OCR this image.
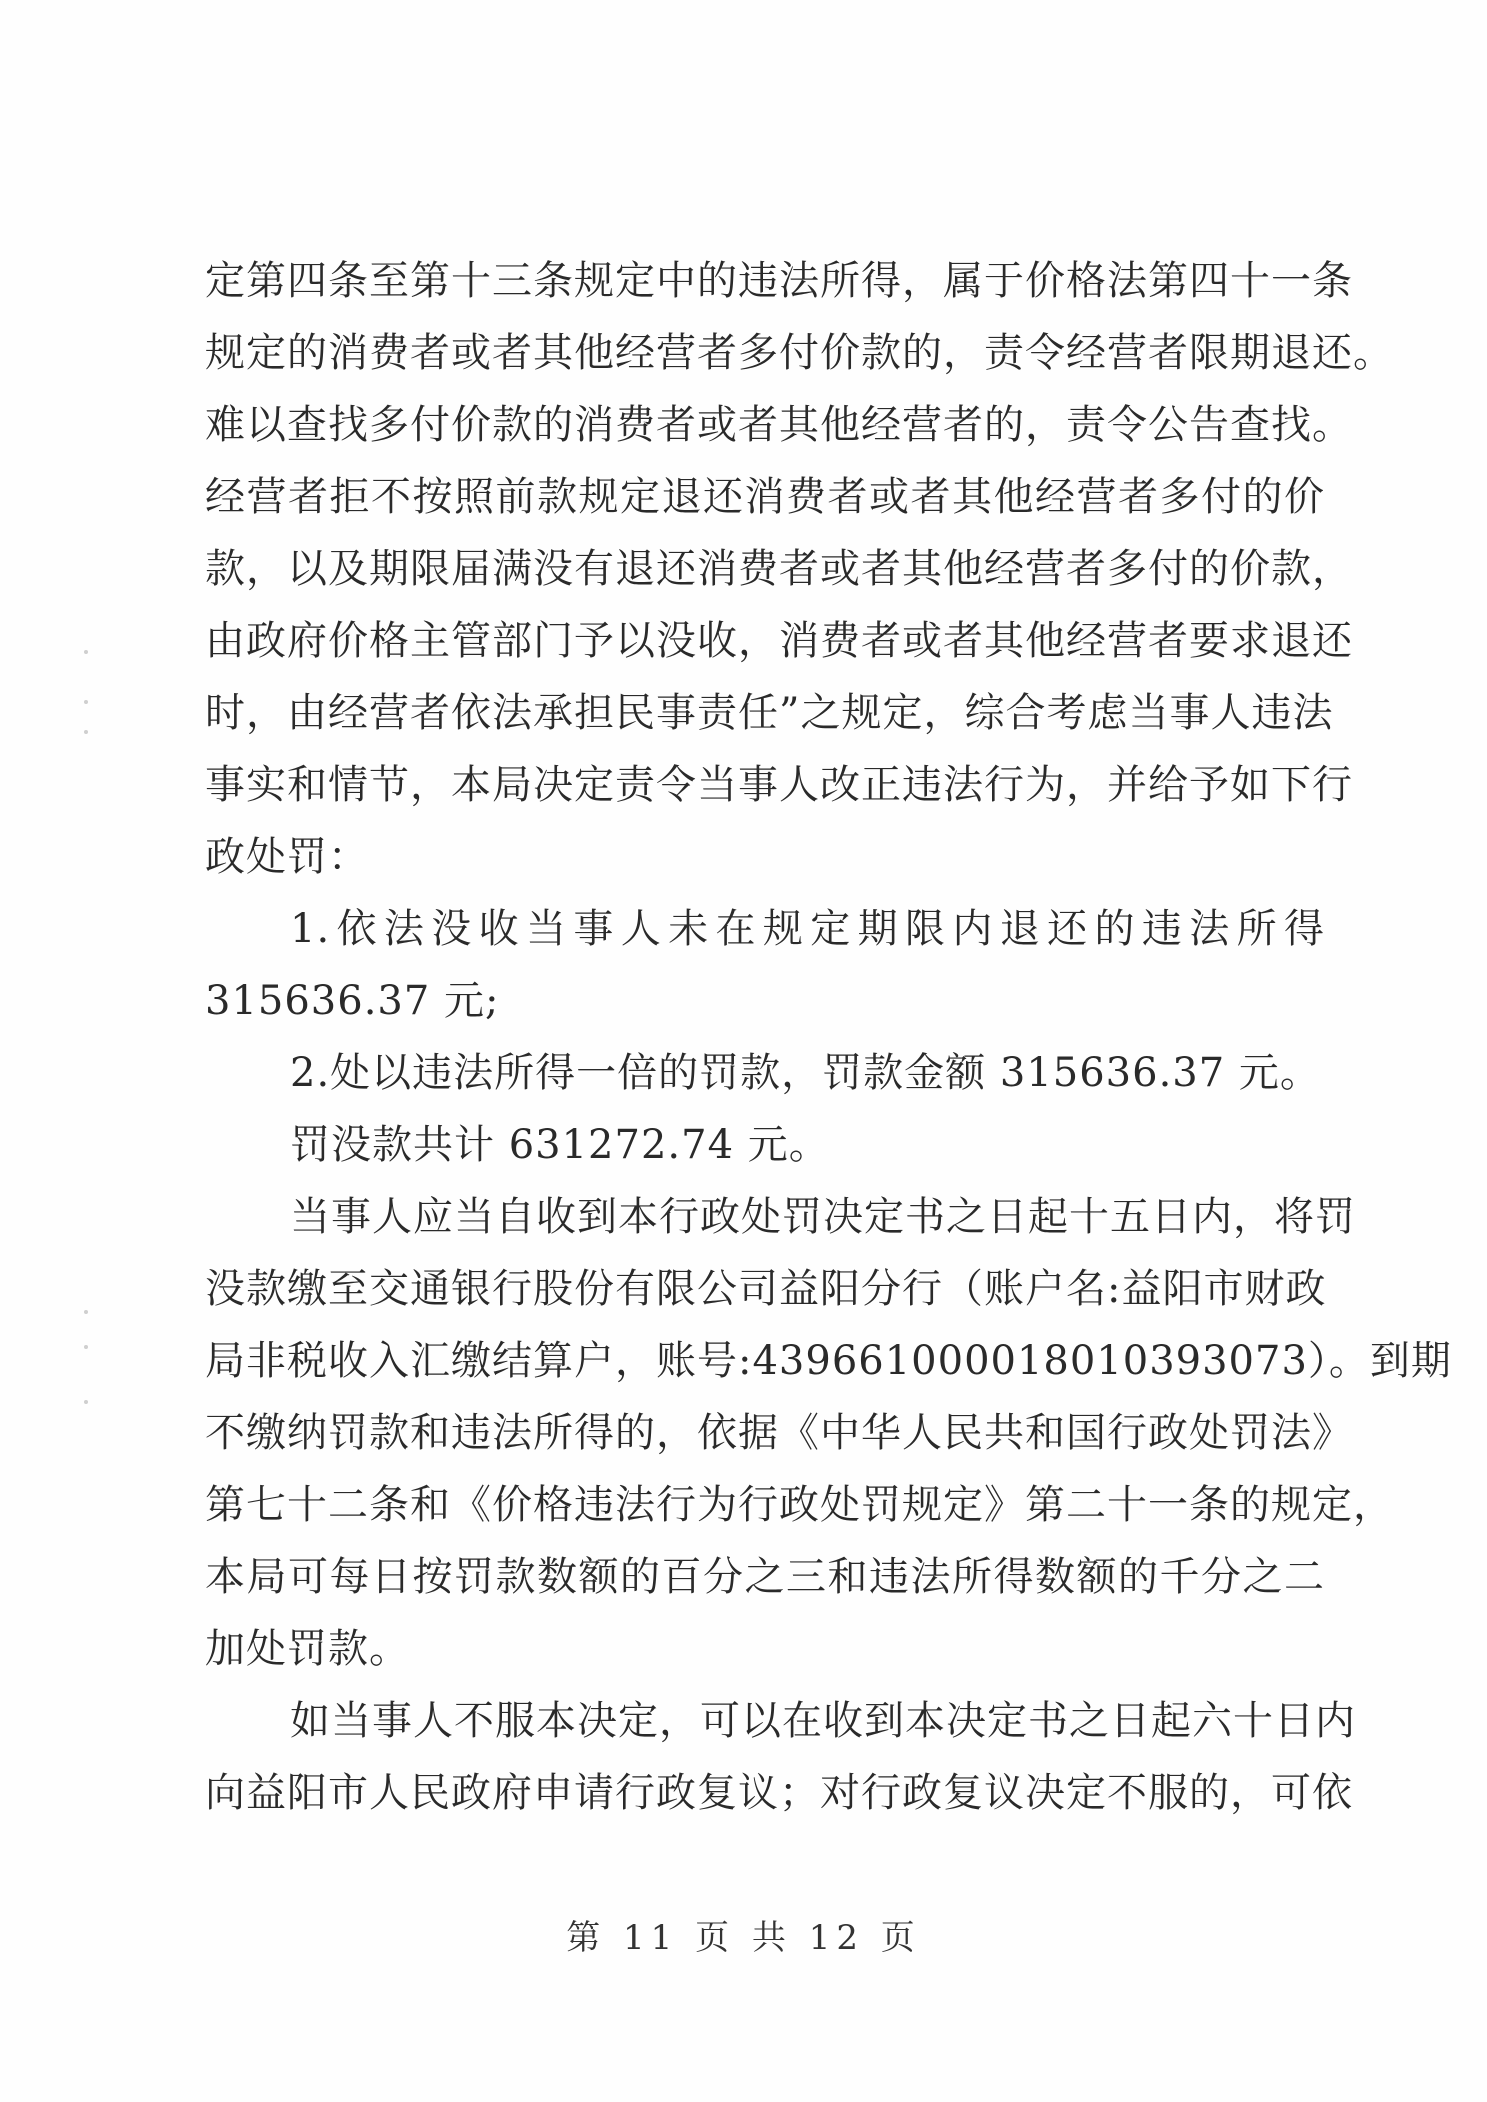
定第四条至第十三条规定中的违法所得，属于价格法第四十一条
规定的消费者或者其他经营者多付价款的，责令经营者限期退还。
难以查找多付价款的消费者或者其他经营者的，责令公告查找。
经营者拒不按照前款规定退还消费者或者其他经营者多付的价
款，以及期限届满没有退还消费者或者其他经营者多付的价款，
由政府价格主管部门予以没收，消费者或者其他经营者要求退还
时，由经营者依法承担民事责任”之规定，综合考虑当事人违法
事实和情节，本局决定责令当事人改正违法行为，并给予如下行
政处罚：
1.依法没收当事人未在规定期限内退还的违法所得
315636.37 元;
2.处以违法所得一倍的罚款，罚款金额 315636.37 元。
罚没款共计 631272.74 元。
当事人应当自收到本行政处罚决定书之日起十五日内，将罚
没款缴至交通银行股份有限公司益阳分行（账户名:益阳市财政
局非税收入汇缴结算户，账号:439661000018010393073）。到期
不缴纳罚款和违法所得的，依据《中华人民共和国行政处罚法》
第七十二条和《价格违法行为行政处罚规定》第二十一条的规定，
本局可每日按罚款数额的百分之三和违法所得数额的千分之二
加处罚款。
如当事人不服本决定，可以在收到本决定书之日起六十日内
向益阳市人民政府申请行政复议；对行政复议决定不服的，可依
第 11 页 共 12 页
